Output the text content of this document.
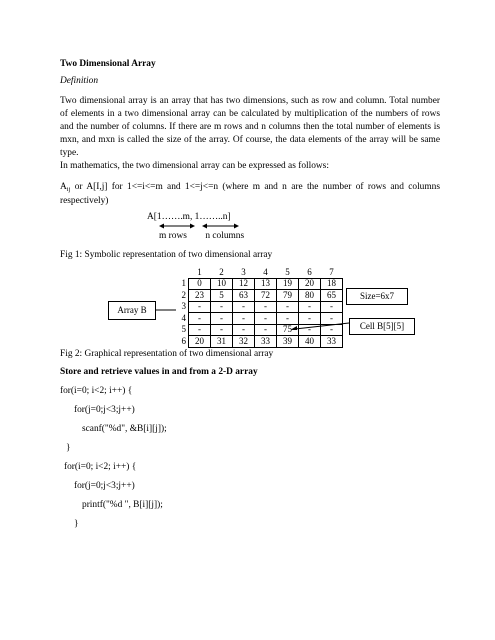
Two Dimensional Array
Definition
Two dimensional array is an array that has two dimensions, such as row and column. Total number of elements in a two dimensional array can be calculated by multiplication of the numbers of rows and the number of columns. If there are m rows and n columns then the total number of elements is mxn, and mxn is called the size of the array. Of course, the data elements of the array will be same type.
In mathematics, the two dimensional array can be expressed as follows:
$A_{ij}$ or A[I,j] for 1<=i<=m and 1<=j<=n (where m and n are the number of rows and columns respectively)
A[1…….m, 1……..n]
m rows n columns
Fig 1: Symbolic representation of two dimensional array
	1	2	3	4	5	6	7
1	0	10	12	13	19	20	18
2	23	5	63	72	79	80	65
3	-	-	-	-	-	-	-
4	-	-	-	-	-	-	-
5	-	-	-	-	75	-	-
6	20	31	32	33	39	40	33
Array B
Size=6x7
Cell B[5][5]
Fig 2: Graphical representation of two dimensional array
Store and retrieve values in and from a 2-D array
for(i=0; i<2; i++) {
for(j=0;j<3;j++)
scanf("%d", &B[i][j]);
}
for(i=0; i<2; i++) {
for(j=0;j<3;j++)
printf("%d ", B[i][j]);
}
